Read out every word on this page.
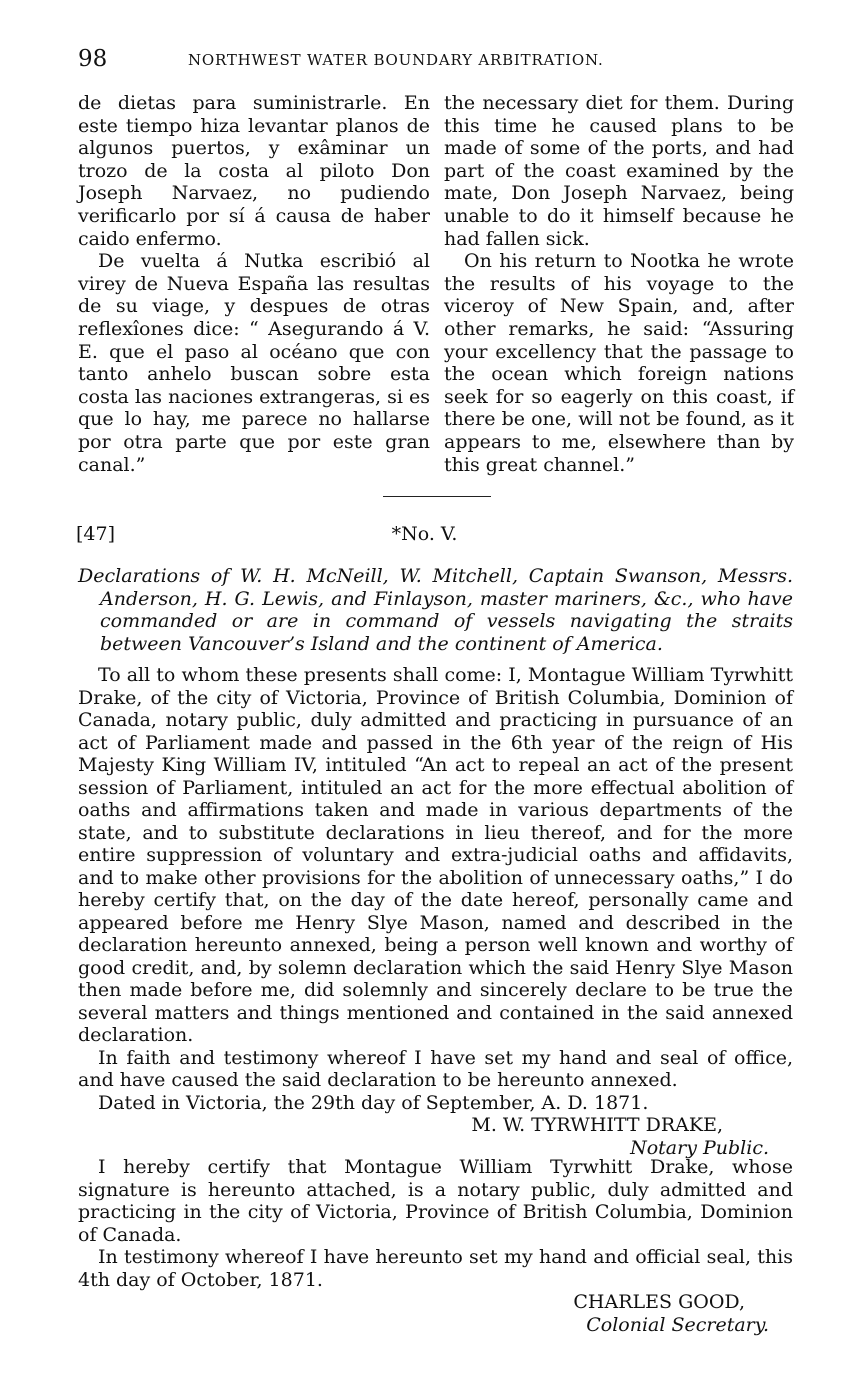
98	NORTHWEST WATER BOUNDARY ARBITRATION.

de dietas para suministrarle. En este tiempo hiza levantar planos de algunos puertos, y exâminar un trozo de la costa al piloto Don Joseph Narvaez, no pudiendo verificarlo por sí á causa de haber caido enfermo.

De vuelta á Nutka escribió al virey de Nueva España las resultas de su viage, y despues de otras reflexîones dice: “ Asegurando á V. E. que el paso al océano que con tanto anhelo buscan sobre esta costa las naciones extrangeras, si es que lo hay, me parece no hallarse por otra parte que por este gran canal.”

the necessary diet for them. During this time he caused plans to be made of some of the ports, and had part of the coast examined by the mate, Don Joseph Narvaez, being unable to do it himself because he had fallen sick.

On his return to Nootka he wrote the results of his voyage to the viceroy of New Spain, and, after other remarks, he said: “Assuring your excellency that the passage to the ocean which foreign nations seek for so eagerly on this coast, if there be one, will not be found, as it appears to me, elsewhere than by this great channel.”

*No. V.
[47]

Declarations of W. H. McNeill, W. Mitchell, Captain Swanson, Messrs. Anderson, H. G. Lewis, and Finlayson, master mariners, &c., who have commanded or are in command of vessels navigating the straits between Vancouver’s Island and the continent of America.

To all to whom these presents shall come: I, Montague William Tyrwhitt Drake, of the city of Victoria, Province of British Columbia, Dominion of Canada, notary public, duly admitted and practicing in pursuance of an act of Parliament made and passed in the 6th year of the reign of His Majesty King William IV, intituled “An act to repeal an act of the present session of Parliament, intituled an act for the more effectual abolition of oaths and affirmations taken and made in various departments of the state, and to substitute declarations in lieu thereof, and for the more entire suppression of voluntary and extra-judicial oaths and affidavits, and to make other provisions for the abolition of unnecessary oaths,” I do hereby certify that, on the day of the date hereof, personally came and appeared before me Henry Slye Mason, named and described in the declaration hereunto annexed, being a person well known and worthy of good credit, and, by solemn declaration which the said Henry Slye Mason then made before me, did solemnly and sincerely declare to be true the several matters and things mentioned and contained in the said annexed declaration.

In faith and testimony whereof I have set my hand and seal of office, and have caused the said declaration to be hereunto annexed.

Dated in Victoria, the 29th day of September, A. D. 1871.

M. W. TYRWHITT DRAKE,

Notary Public.

I hereby certify that Montague William Tyrwhitt Drake, whose signature is hereunto attached, is a notary public, duly admitted and practicing in the city of Victoria, Province of British Columbia, Dominion of Canada.

In testimony whereof I have hereunto set my hand and official seal, this 4th day of October, 1871.

CHARLES GOOD,

Colonial Secretary.
